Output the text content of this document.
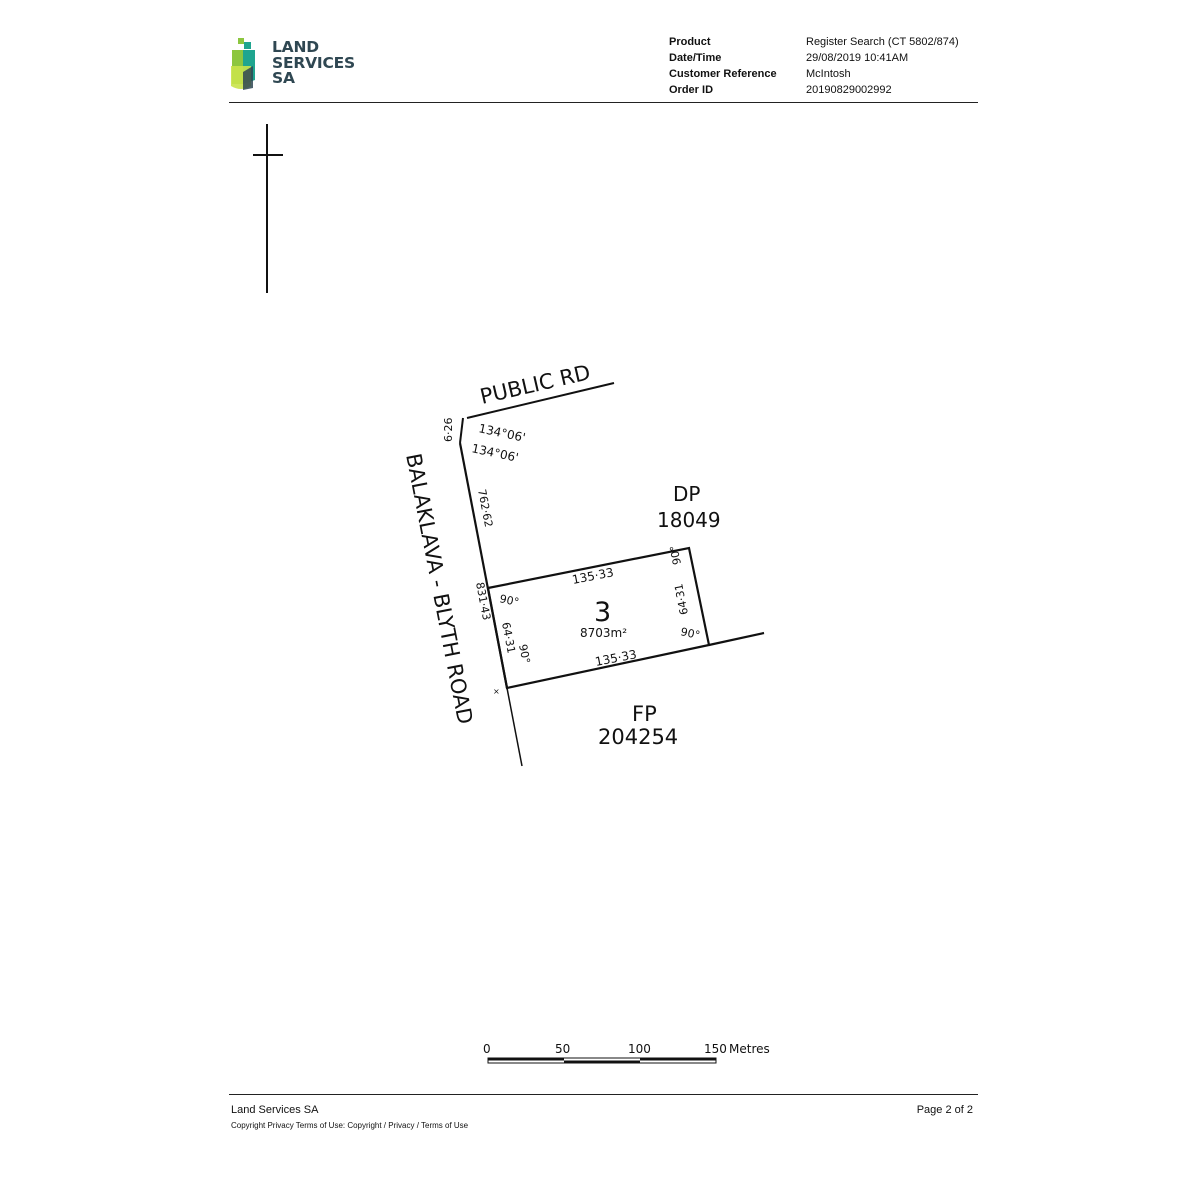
LAND
SERVICES
SA
Product	Register Search (CT 5802/874)
Date/Time	29/08/2019 10:41AM
Customer Reference	McIntosh
Order ID	20190829002992
×
PUBLIC RD
BALAKLAVA - BLYTH ROAD
6·26 134°06'
134°06'
762·62
831·43
DP
18049
FP
204254
3
8703m²
135·33
135·33
64·31
64·31
90°
90°
90°
90°
0	50	100	150 Metres
Land Services SA	Page 2 of 2
Copyright Privacy Terms of Use: Copyright / Privacy / Terms of Use
